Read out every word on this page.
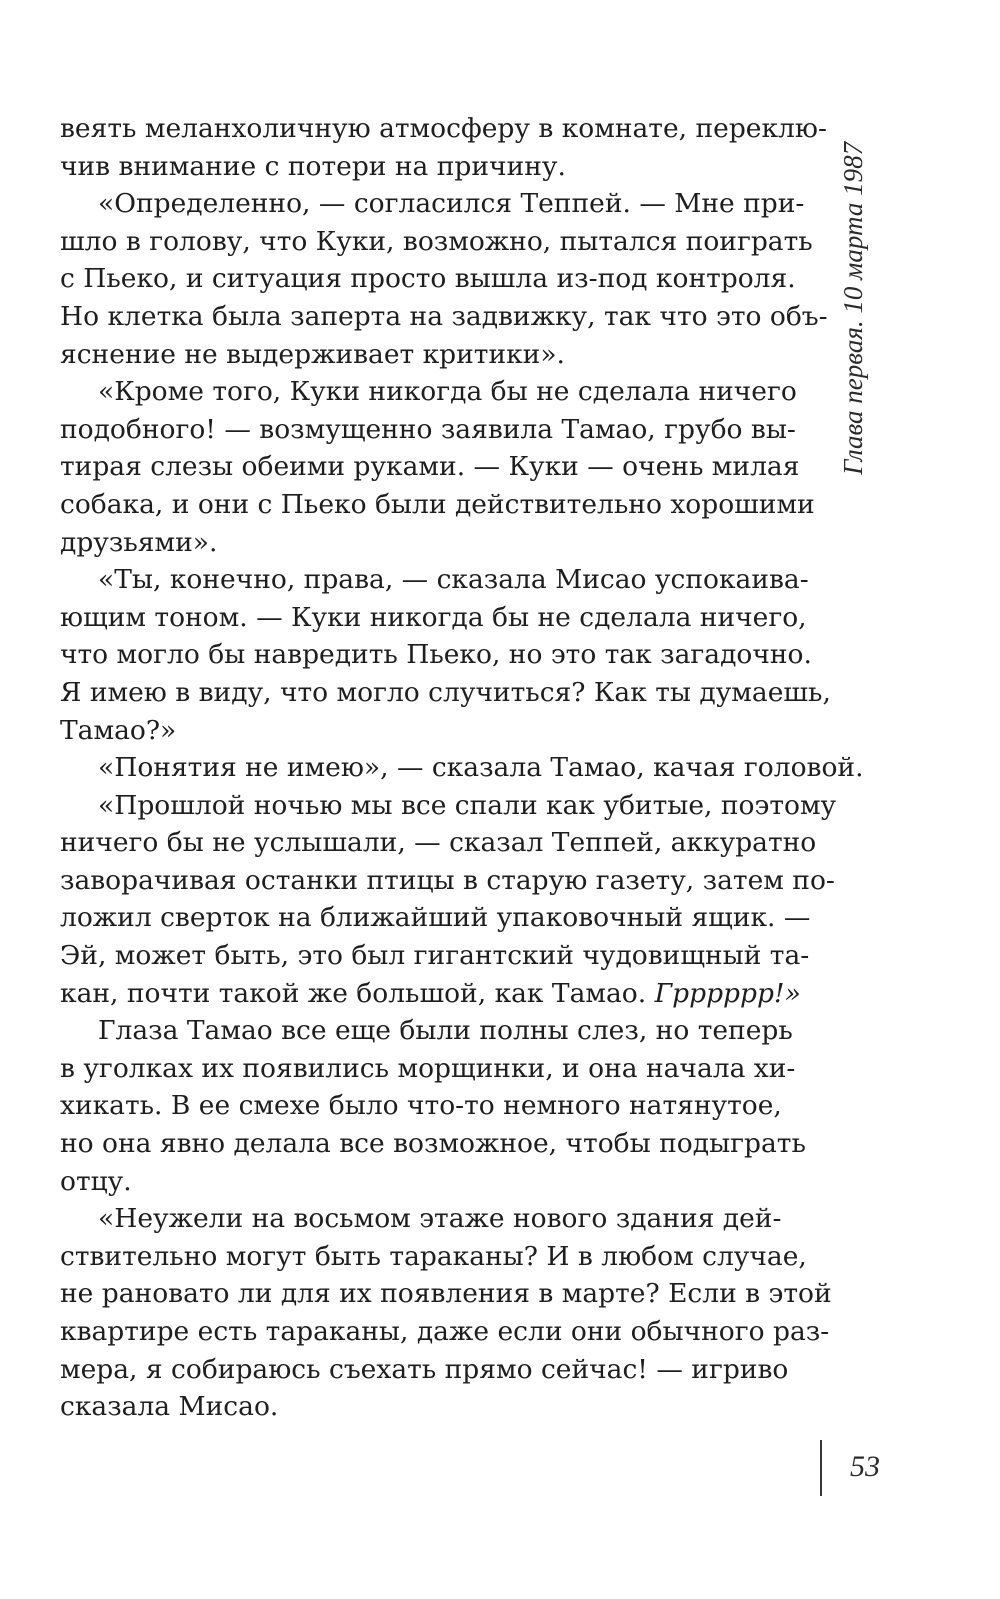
веять меланхоличную атмосферу в комнате, переклю-
чив внимание с потери на причину.
«Определенно, — согласился Теппей. — Мне при-
шло в голову, что Куки, возможно, пытался поиграть
с Пьеко, и ситуация просто вышла из-под контроля.
Но клетка была заперта на задвижку, так что это объ-
яснение не выдерживает критики».
«Кроме того, Куки никогда бы не сделала ничего
подобного! — возмущенно заявила Тамао, грубо вы-
тирая слезы обеими руками. — Куки — очень милая
собака, и они с Пьеко были действительно хорошими
друзьями».
«Ты, конечно, права, — сказала Мисао успокаива-
ющим тоном. — Куки никогда бы не сделала ничего,
что могло бы навредить Пьеко, но это так загадочно.
Я имею в виду, что могло случиться? Как ты думаешь,
Тамао?»
«Понятия не имею», — сказала Тамао, качая головой.
«Прошлой ночью мы все спали как убитые, поэтому
ничего бы не услышали, — сказал Теппей, аккуратно
заворачивая останки птицы в старую газету, затем по-
ложил сверток на ближайший упаковочный ящик. —
Эй, может быть, это был гигантский чудовищный та-
кан, почти такой же большой, как Тамао. Грррррр!»
Глаза Тамао все еще были полны слез, но теперь
в уголках их появились морщинки, и она начала хи-
хикать. В ее смехе было что-то немного натянутое,
но она явно делала все возможное, чтобы подыграть
отцу.
«Неужели на восьмом этаже нового здания дей-
ствительно могут быть тараканы? И в любом случае,
не рановато ли для их появления в марте? Если в этой
квартире есть тараканы, даже если они обычного раз-
мера, я собираюсь съехать прямо сейчас! — игриво
сказала Мисао.
Глава первая. 10 марта 1987
53
